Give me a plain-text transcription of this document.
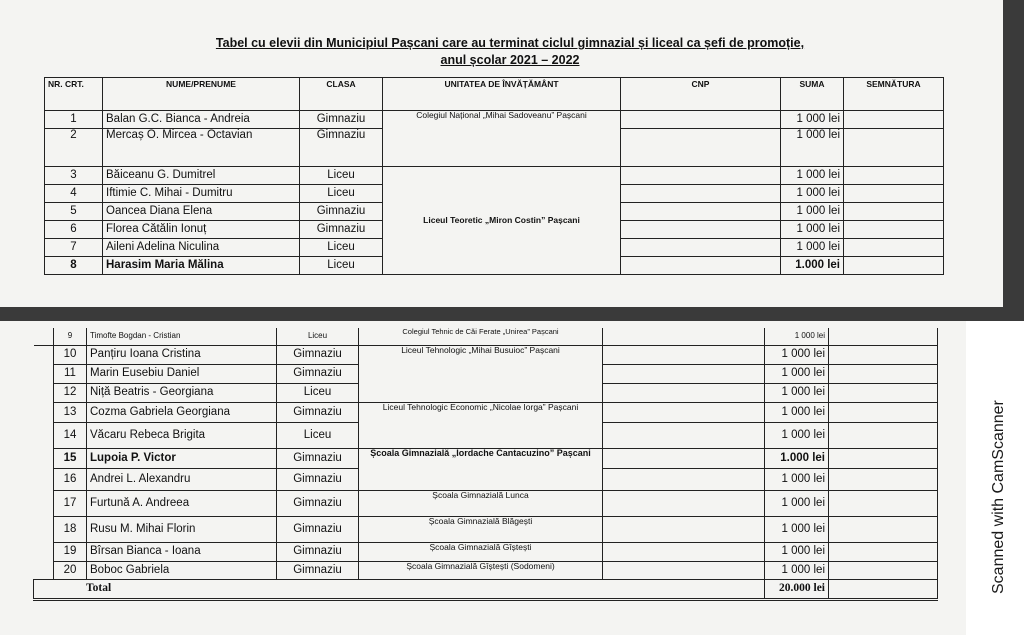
Tabel cu elevii din Municipiul Pașcani care au terminat ciclul gimnazial și liceal ca șefi de promoție,
anul școlar 2021 – 2022
NR. CRT.	NUME/PRENUME	CLASA	UNITATEA DE ÎNVĂȚĂMÂNT	CNP	SUMA	SEMNĂTURA
1	Balan G.C. Bianca - Andreia	Gimnaziu	Colegiul Național „Mihai Sadoveanu” Pașcani		1 000 lei	
2	Mercaș O. Mircea - Octavian	Gimnaziu			1 000 lei	
3	Băiceanu G. Dumitrel	Liceu	Liceul Teoretic „Miron Costin” Pașcani		1 000 lei	
4	Iftimie C. Mihai - Dumitru	Liceu			1 000 lei	
5	Oancea Diana Elena	Gimnaziu			1 000 lei	
6	Florea Cătălin Ionuț	Gimnaziu			1 000 lei	
7	Aileni Adelina Niculina	Liceu			1 000 lei	
8	Harasim Maria Mălina	Liceu			1.000 lei	
	9	Timofte Bogdan - Cristian	Liceu	Colegiul Tehnic de Căi Ferate „Unirea” Pașcani		1 000 lei	
	10	Panțiru Ioana Cristina	Gimnaziu	Liceul Tehnologic „Mihai Busuioc” Pașcani		1 000 lei	
	11	Marin Eusebiu Daniel	Gimnaziu			1 000 lei	
	12	Niță Beatris - Georgiana	Liceu			1 000 lei	
	13	Cozma Gabriela Georgiana	Gimnaziu	Liceul Tehnologic Economic „Nicolae Iorga” Pașcani		1 000 lei	
	14	Văcaru Rebeca Brigita	Liceu			1 000 lei	
	15	Lupoia P. Victor	Gimnaziu	Școala Gimnazială „Iordache Cantacuzino” Pașcani		1.000 lei	
	16	Andrei L. Alexandru	Gimnaziu			1 000 lei	
	17	Furtună A. Andreea	Gimnaziu	Școala Gimnazială Lunca		1 000 lei	
	18	Rusu M. Mihai Florin	Gimnaziu	Școala Gimnazială Blăgești		1 000 lei	
	19	Bîrsan Bianca - Ioana	Gimnaziu	Școala Gimnazială Gîștești		1 000 lei	
	20	Boboc Gabriela	Gimnaziu	Școala Gimnazială Gîștești (Sodomeni)		1 000 lei	
Total						20.000 lei		Scanned with CamScanner
